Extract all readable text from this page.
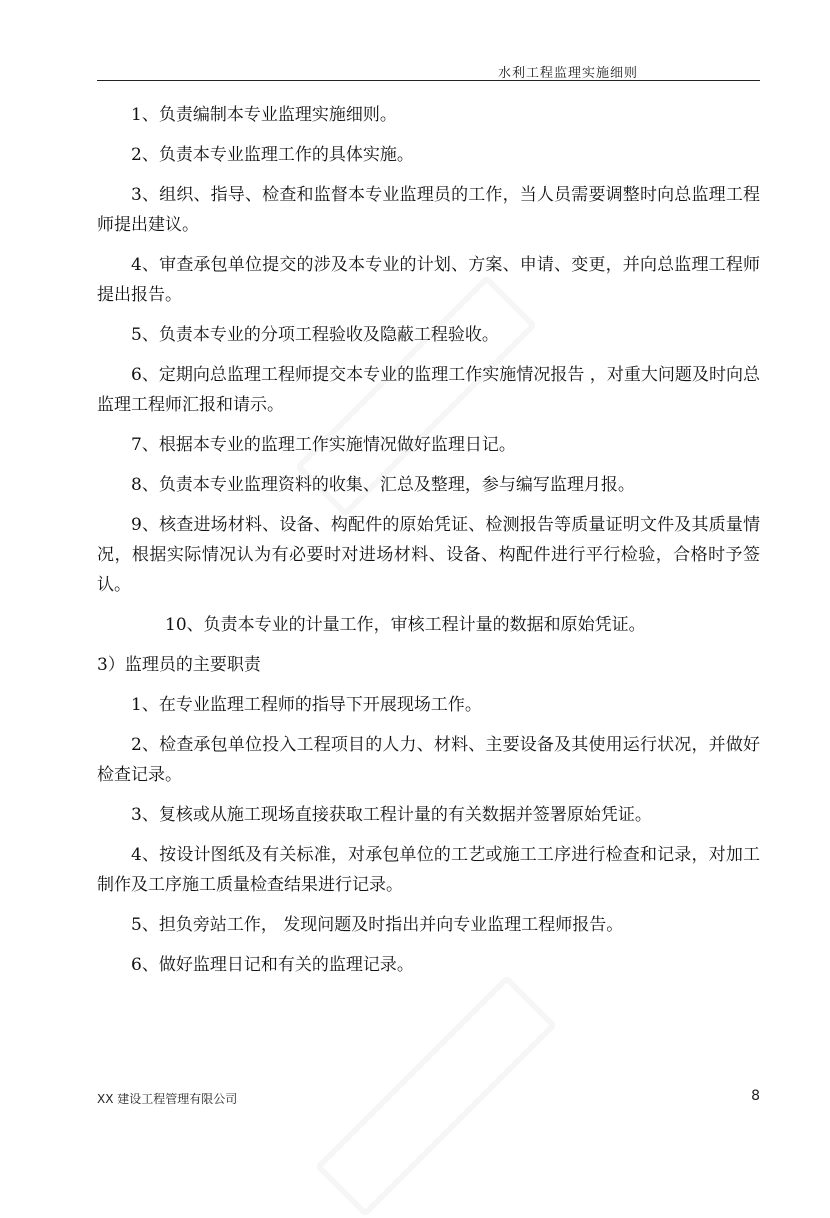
水利工程监理实施细则

1、负责编制本专业监理实施细则。

2、负责本专业监理工作的具体实施。

3、组织、指导、检查和监督本专业监理员的工作，当人员需要调整时向总监理工程师提出建议。

4、审查承包单位提交的涉及本专业的计划、方案、申请、变更，并向总监理工程师提出报告。

5、负责本专业的分项工程验收及隐蔽工程验收。

6、定期向总监理工程师提交本专业的监理工作实施情况报告 ，对重大问题及时向总监理工程师汇报和请示。

7、根据本专业的监理工作实施情况做好监理日记。

8、负责本专业监理资料的收集、汇总及整理，参与编写监理月报。

9、核查进场材料、设备、构配件的原始凭证、检测报告等质量证明文件及其质量情况，根据实际情况认为有必要时对进场材料、设备、构配件进行平行检验，合格时予签认。

10、负责本专业的计量工作，审核工程计量的数据和原始凭证。

3）监理员的主要职责

1、在专业监理工程师的指导下开展现场工作。

2、检查承包单位投入工程项目的人力、材料、主要设备及其使用运行状况，并做好检查记录。

3、复核或从施工现场直接获取工程计量的有关数据并签署原始凭证。

4、按设计图纸及有关标准，对承包单位的工艺或施工工序进行检查和记录，对加工制作及工序施工质量检查结果进行记录。

5、担负旁站工作， 发现问题及时指出并向专业监理工程师报告。

6、做好监理日记和有关的监理记录。

XX 建设工程管理有限公司	8
